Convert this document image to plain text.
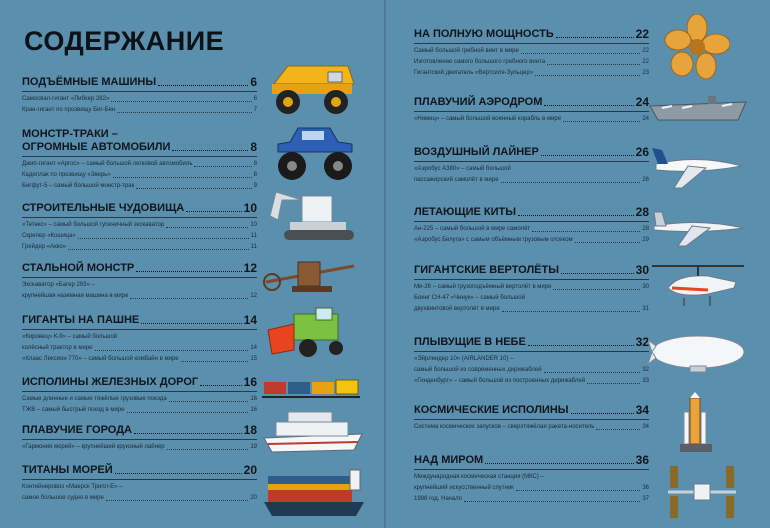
СОДЕРЖАНИЕ
ПОДЪЁМНЫЕ МАШИНЫ	6
Самосвал-гигант «Либхер 282»	6
Кран-гигант по прозвищу Биг-Бен	7
МОНСТР-ТРАКИ –
ОГРОМНЫЕ АВТОМОБИЛИ	8
Джип-гигант «Аргос» – самый большой легковой автомобиль	8
Кадиллак по прозвищу «Зверь»	8
Бигфут-5 – самый большой монстр-трак	9
СТРОИТЕЛЬНЫЕ ЧУДОВИЩА	10
«Тетекс» – самый большой гусеничный экскаватор	10
Скрепер «Кошица»	11
Грейдер «Акко»	11
СТАЛЬНОЙ МОНСТР	12
Экскаватор «Багер 293» –
крупнейшая наземная машина в мире	12
ГИГАНТЫ НА ПАШНЕ	14
«Кировец» К-9» – самый большой
колёсный трактор в мире	14
«Клаас Лексион 770» – самый большой комбайн в мире	15
ИСПОЛИНЫ ЖЕЛЕЗНЫХ ДОРОГ	16
Самые длинные и самые тяжёлые грузовые поезда	16
ТЖВ – самый быстрый поезд в мире	16
ПЛАВУЧИЕ ГОРОДА	18
«Гармония морей» – крупнейший круизный лайнер	19
ТИТАНЫ МОРЕЙ	20
Контейнеровоз «Маерск Трипл-Е» –
самое большое судно в мире	20
НА ПОЛНУЮ МОЩНОСТЬ	22
Самый большой гребной винт в мире	22
Изготовление самого большого гребного винта	22
Гигантский двигатель «Вяртсиля-Зульцер»	23
ПЛАВУЧИЙ АЭРОДРОМ	24
«Нимиц» – самый большой военный корабль в мире	24
ВОЗДУШНЫЙ ЛАЙНЕР	26
«Аэробус А380» – самый большой
пассажирский самолёт в мире	26
ЛЕТАЮЩИЕ КИТЫ	28
Ан-225 – самый большой в мире самолёт	28
«Аэробус Белуга» с самым объёмным грузовым отсеком	29
ГИГАНТСКИЕ ВЕРТОЛЁТЫ	30
Ми-26 – самый грузоподъёмный вертолёт в мире	30
Боинг СН-47 «Чинук» – самый большой
двухвинтовой вертолёт в мире	31
ПЛЫВУЩИЕ В НЕБЕ	32
«Эйрлендер 10» (AIRLANDER 10) –
самый большой из современных дирижаблей	32
«Гинденбург» – самый большой из построенных дирижаблей	33
КОСМИЧЕСКИЕ ИСПОЛИНЫ	34
Система космических запусков – сверхтяжёлая ракета-носитель	34
НАД МИРОМ	36
Международная космическая станция (МКС) –
крупнейший искусственный спутник	36
1998 год. Начало	37
